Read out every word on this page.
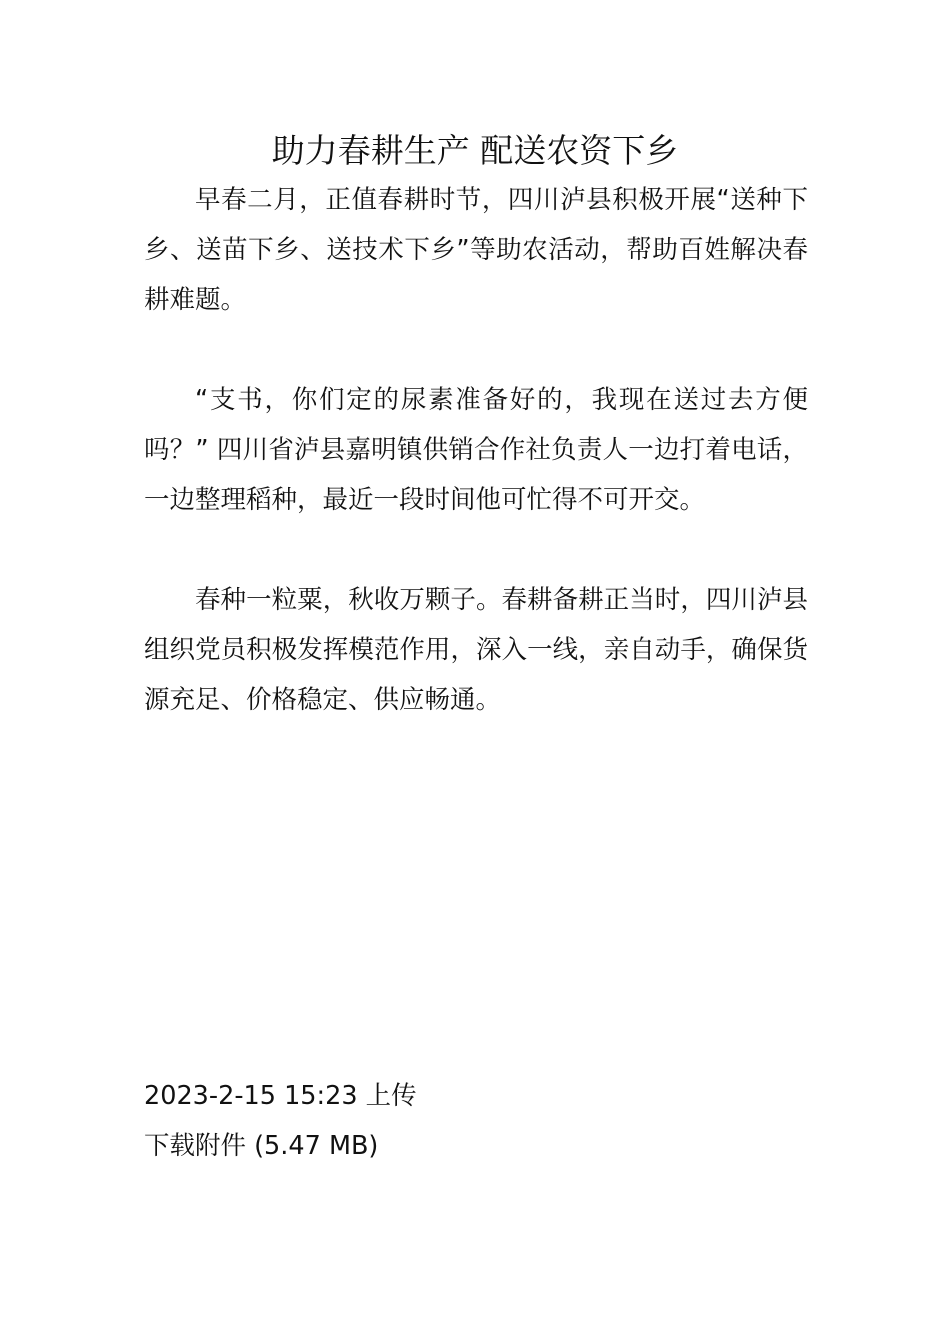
助力春耕生产 配送农资下乡

早春二月，正值春耕时节，四川泸县积极开展“送种下乡、送苗下乡、送技术下乡”等助农活动，帮助百姓解决春耕难题。

“支书，你们定的尿素准备好的，我现在送过去方便吗？” 四川省泸县嘉明镇供销合作社负责人一边打着电话，一边整理稻种，最近一段时间他可忙得不可开交。

春种一粒粟，秋收万颗子。春耕备耕正当时，四川泸县组织党员积极发挥模范作用，深入一线，亲自动手，确保货源充足、价格稳定、供应畅通。

2023-2-15 15:23 上传
下载附件 (5.47 MB)
